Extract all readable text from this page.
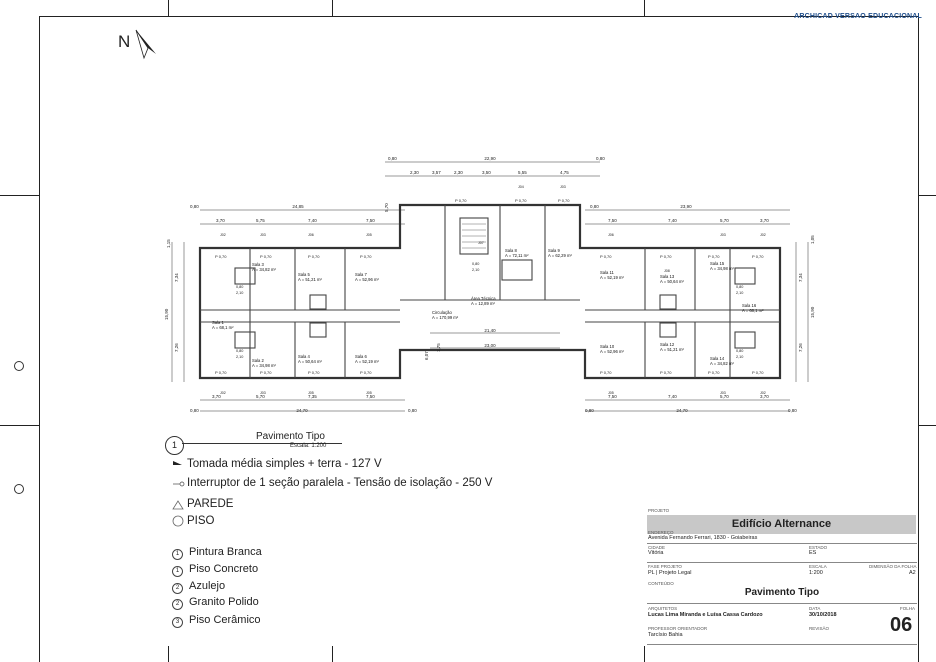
ARCHICAD VERSAO EDUCACIONAL
N
22,90
0,80
2,30	3,57	2,30	3,50	5,55	4,75
0,80
0,80	24,85
3,70	5,75	7,40	7,50
0,80	23,90
7,50	7,40	5,70	3,70
3,70	5,70	7,35	7,50
0,80	24,70	0,80
7,50	7,40	5,70	3,70
0,80	24,70	0,80
21,40
23,00
15,90
7,34
7,26
1,15
15,90
7,34
7,26
1,05
5,70
1,75
6,07
P 0,70	P 0,70	P 0,70	P 0,70	P 0,70	P 0,70	P 0,70	P 0,70
P 0,70	P 0,70	P 0,70	P 0,70	P 0,70	P 0,70	P 0,70	P 0,70
P 0,70	P 0,70	P 0,70
0,80
2,10
0,80
2,10
0,80
2,10
0,80
2,10
0,80
2,10
J02	J03	J06	J05
J04	J03
J06	J03	J02
J02	J03	J05	J05	J05	J03	J02
J08
J07
Sala 1
A = 68,1 m²
Sala 2
A = 34,98 m²
Sala 3
A = 34,82 m²
Sala 4
A = 50,64 m²
Sala 5
A = 51,21 m²
Sala 6
A = 52,19 m²
Sala 7
A = 52,96 m²
Sala 8
A = 72,11 m²
Sala 9
A = 62,29 m²
Sala 10
A = 52,96 m²
Sala 11
A = 52,19 m²
Sala 12
A = 51,21 m²
Sala 13
A = 50,64 m²
Sala 14
A = 34,82 m²
Sala 15
A = 34,98 m²
Sala 16
A = 68,1 m²
Circulação
A = 170,99 m²
Área Técnica
A = 12,89 m²
1
Pavimento Tipo
Escala: 1:200
Tomada média simples + terra - 127 V
Interruptor de 1 seção paralela - Tensão de isolação - 250 V
PAREDE
PISO
1 Pintura Branca
1 Piso Concreto
2 Azulejo
2 Granito Polido
3 Piso Cerâmico
PROJETO
Edifício Alternance
ENDEREÇO
Avenida Fernando Ferrari, 1830 - Goiabeiras
CIDADE
Vitória
ESTADO
ES
FASE PROJETO
PL | Projeto Legal
ESCALA
1:200
DIMENSÃO DA FOLHA
A2
CONTEÚDO
Pavimento Tipo
ARQUITETOS
Lucas Lima Miranda e Luísa Cassa Cardozo
DATA
30/10/2018
FOLHA
06
PROFESSOR ORIENTADOR
Tarcísio Bahia
REVISÃO
